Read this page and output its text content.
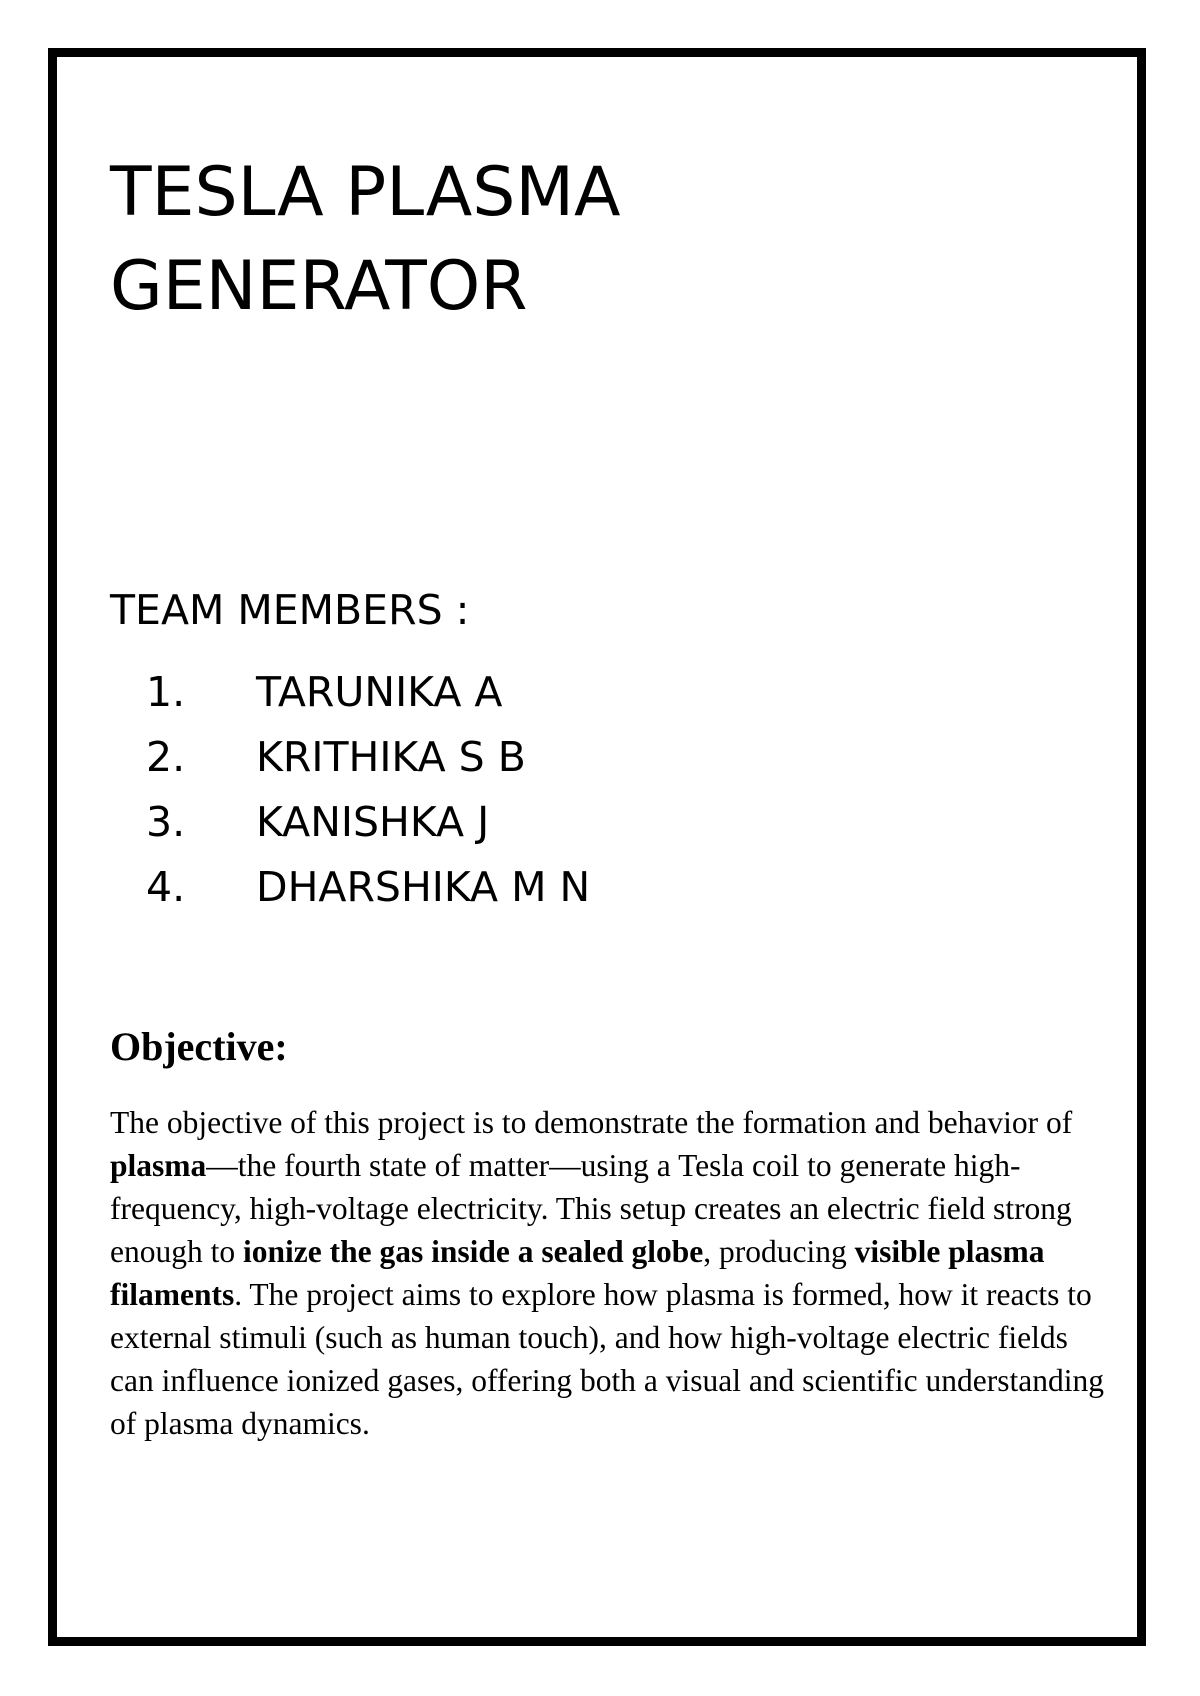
TESLA PLASMA
GENERATOR
TEAM MEMBERS :
1. TARUNIKA A
2. KRITHIKA S B
3. KANISHKA J
4. DHARSHIKA M N
Objective:

The objective of this project is to demonstrate the formation and behavior of plasma—the fourth state of matter—using a Tesla coil to generate high-frequency, high-voltage electricity. This setup creates an electric field strong enough to ionize the gas inside a sealed globe, producing visible plasma filaments. The project aims to explore how plasma is formed, how it reacts to external stimuli (such as human touch), and how high-voltage electric fields can influence ionized gases, offering both a visual and scientific understanding of plasma dynamics.
